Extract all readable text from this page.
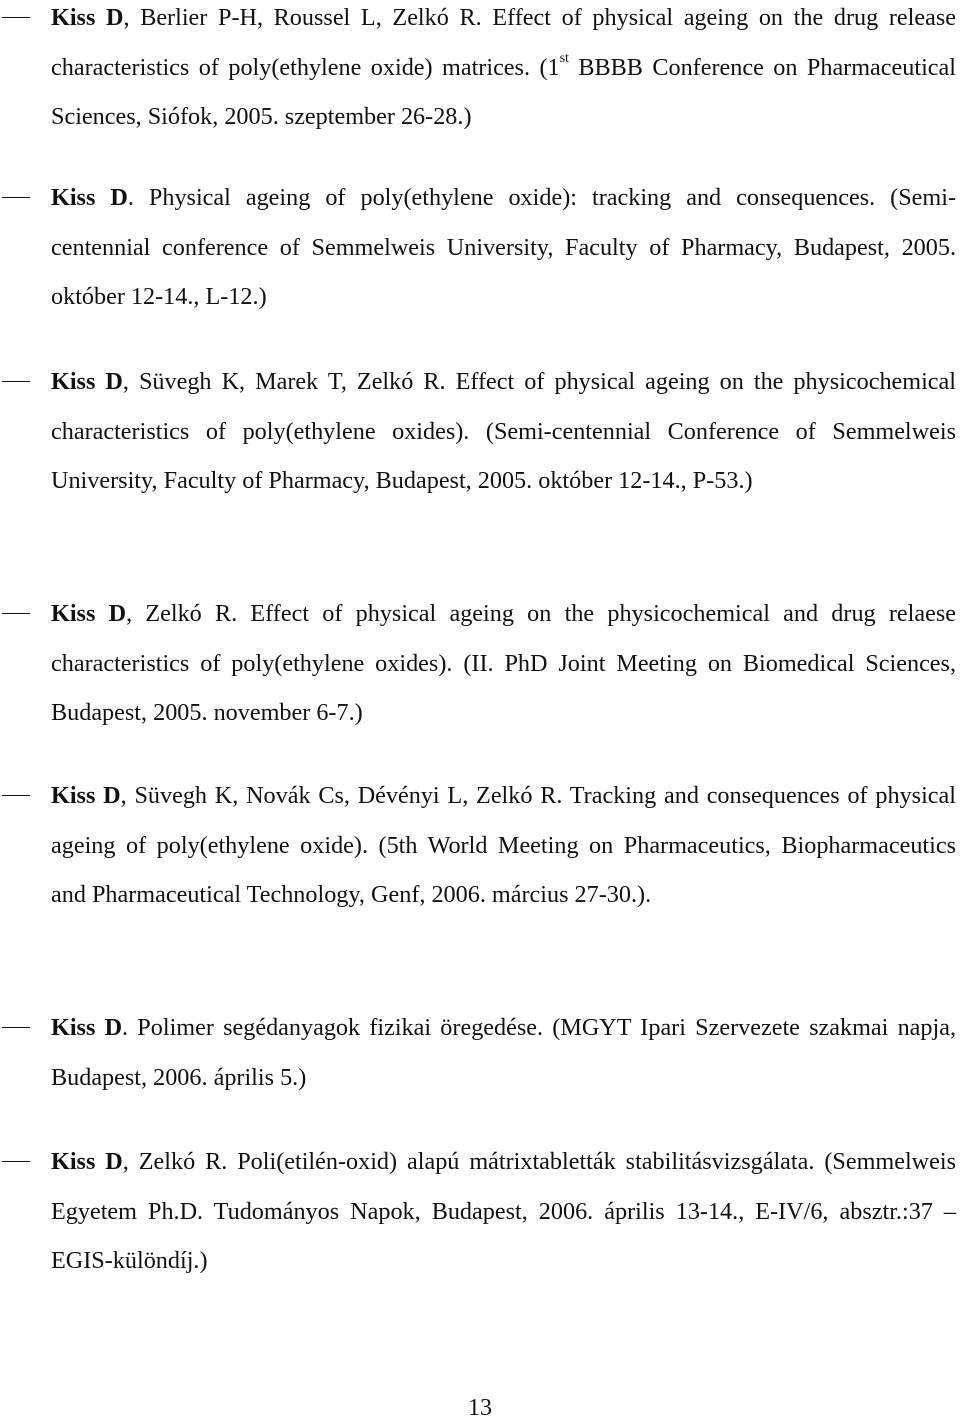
Kiss D, Berlier P-H, Roussel L, Zelkó R. Effect of physical ageing on the drug release characteristics of poly(ethylene oxide) matrices. (1st BBBB Conference on Pharmaceutical Sciences, Siófok, 2005. szeptember 26-28.)
Kiss D. Physical ageing of poly(ethylene oxide): tracking and consequences. (Semi-centennial conference of Semmelweis University, Faculty of Pharmacy, Budapest, 2005. október 12-14., L-12.)
Kiss D, Süvegh K, Marek T, Zelkó R. Effect of physical ageing on the physicochemical characteristics of poly(ethylene oxides). (Semi-centennial Conference of Semmelweis University, Faculty of Pharmacy, Budapest, 2005. október 12-14., P-53.)
Kiss D, Zelkó R. Effect of physical ageing on the physicochemical and drug relaese characteristics of poly(ethylene oxides). (II. PhD Joint Meeting on Biomedical Sciences, Budapest, 2005. november 6-7.)
Kiss D, Süvegh K, Novák Cs, Dévényi L, Zelkó R. Tracking and consequences of physical ageing of poly(ethylene oxide). (5th World Meeting on Pharmaceutics, Biopharmaceutics and Pharmaceutical Technology, Genf, 2006. március 27-30.).
Kiss D. Polimer segédanyagok fizikai öregedése. (MGYT Ipari Szervezete szakmai napja, Budapest, 2006. április 5.)
Kiss D, Zelkó R. Poli(etilén-oxid) alapú mátrixtabletták stabilitásvizsgálata. (Semmelweis Egyetem Ph.D. Tudományos Napok, Budapest, 2006. április 13-14., E-IV/6, absztr.:37 – EGIS-különdíj.)
13
